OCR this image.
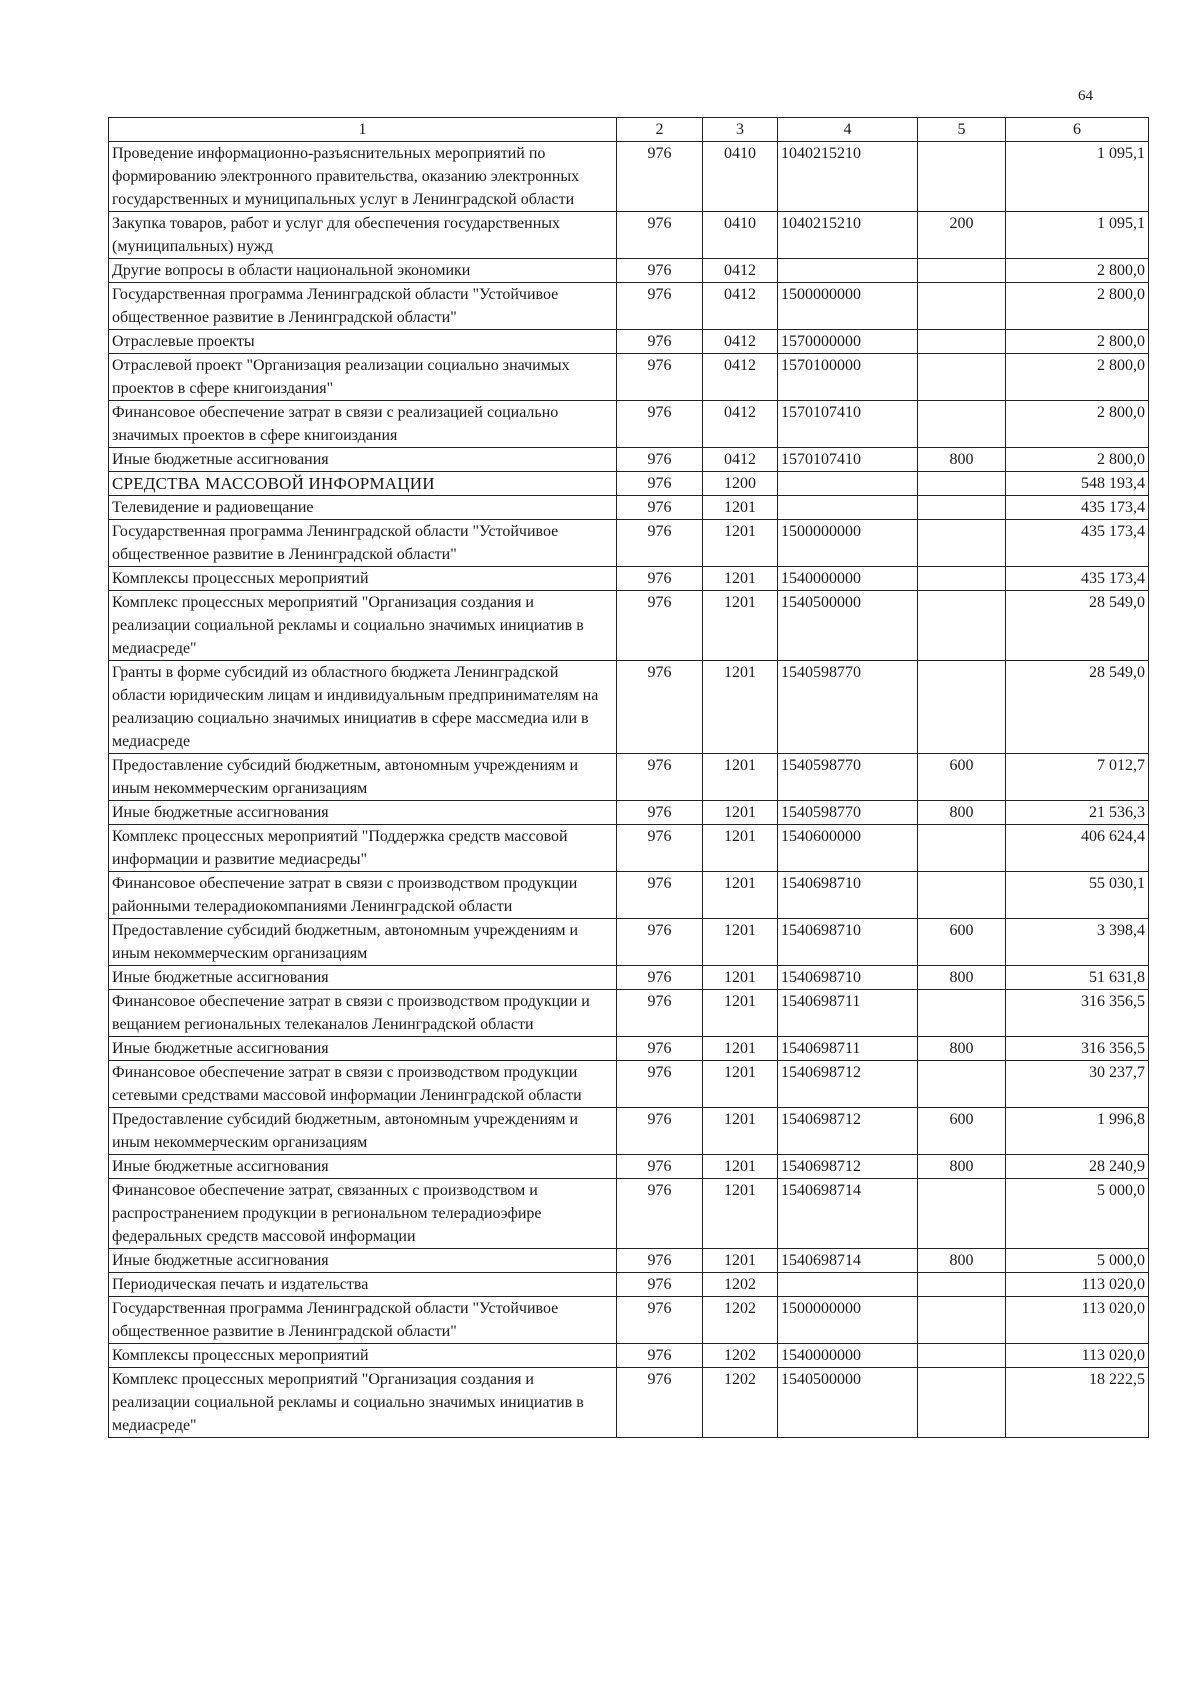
64
1	2	3	4	5	6
Проведение информационно-разъяснительных мероприятий по формированию электронного правительства, оказанию электронных государственных и муниципальных услуг в Ленинградской области	976	0410	1040215210		1 095,1
Закупка товаров, работ и услуг для обеспечения государственных (муниципальных) нужд	976	0410	1040215210	200	1 095,1
Другие вопросы в области национальной экономики	976	0412			2 800,0
Государственная программа Ленинградской области "Устойчивое общественное развитие в Ленинградской области"	976	0412	1500000000		2 800,0
Отраслевые проекты	976	0412	1570000000		2 800,0
Отраслевой проект "Организация реализации социально значимых проектов в сфере книгоиздания"	976	0412	1570100000		2 800,0
Финансовое обеспечение затрат в связи с реализацией социально значимых проектов в сфере книгоиздания	976	0412	1570107410		2 800,0
Иные бюджетные ассигнования	976	0412	1570107410	800	2 800,0
СРЕДСТВА МАССОВОЙ ИНФОРМАЦИИ	976	1200			548 193,4
Телевидение и радиовещание	976	1201			435 173,4
Государственная программа Ленинградской области "Устойчивое общественное развитие в Ленинградской области"	976	1201	1500000000		435 173,4
Комплексы процессных мероприятий	976	1201	1540000000		435 173,4
Комплекс процессных мероприятий "Организация создания и реализации социальной рекламы и социально значимых инициатив в медиасреде"	976	1201	1540500000		28 549,0
Гранты в форме субсидий из областного бюджета Ленинградской области юридическим лицам и индивидуальным предпринимателям на реализацию социально значимых инициатив в сфере массмедиа или в медиасреде	976	1201	1540598770		28 549,0
Предоставление субсидий бюджетным, автономным учреждениям и иным некоммерческим организациям	976	1201	1540598770	600	7 012,7
Иные бюджетные ассигнования	976	1201	1540598770	800	21 536,3
Комплекс процессных мероприятий "Поддержка средств массовой информации и развитие медиасреды"	976	1201	1540600000		406 624,4
Финансовое обеспечение затрат в связи с производством продукции районными телерадиокомпаниями Ленинградской области	976	1201	1540698710		55 030,1
Предоставление субсидий бюджетным, автономным учреждениям и иным некоммерческим организациям	976	1201	1540698710	600	3 398,4
Иные бюджетные ассигнования	976	1201	1540698710	800	51 631,8
Финансовое обеспечение затрат в связи с производством продукции и вещанием региональных телеканалов Ленинградской области	976	1201	1540698711		316 356,5
Иные бюджетные ассигнования	976	1201	1540698711	800	316 356,5
Финансовое обеспечение затрат в связи с производством продукции сетевыми средствами массовой информации Ленинградской области	976	1201	1540698712		30 237,7
Предоставление субсидий бюджетным, автономным учреждениям и иным некоммерческим организациям	976	1201	1540698712	600	1 996,8
Иные бюджетные ассигнования	976	1201	1540698712	800	28 240,9
Финансовое обеспечение затрат, связанных с производством и распространением продукции в региональном телерадиоэфире федеральных средств массовой информации	976	1201	1540698714		5 000,0
Иные бюджетные ассигнования	976	1201	1540698714	800	5 000,0
Периодическая печать и издательства	976	1202			113 020,0
Государственная программа Ленинградской области "Устойчивое общественное развитие в Ленинградской области"	976	1202	1500000000		113 020,0
Комплексы процессных мероприятий	976	1202	1540000000		113 020,0
Комплекс процессных мероприятий "Организация создания и реализации социальной рекламы и социально значимых инициатив в медиасреде"	976	1202	1540500000		18 222,5
